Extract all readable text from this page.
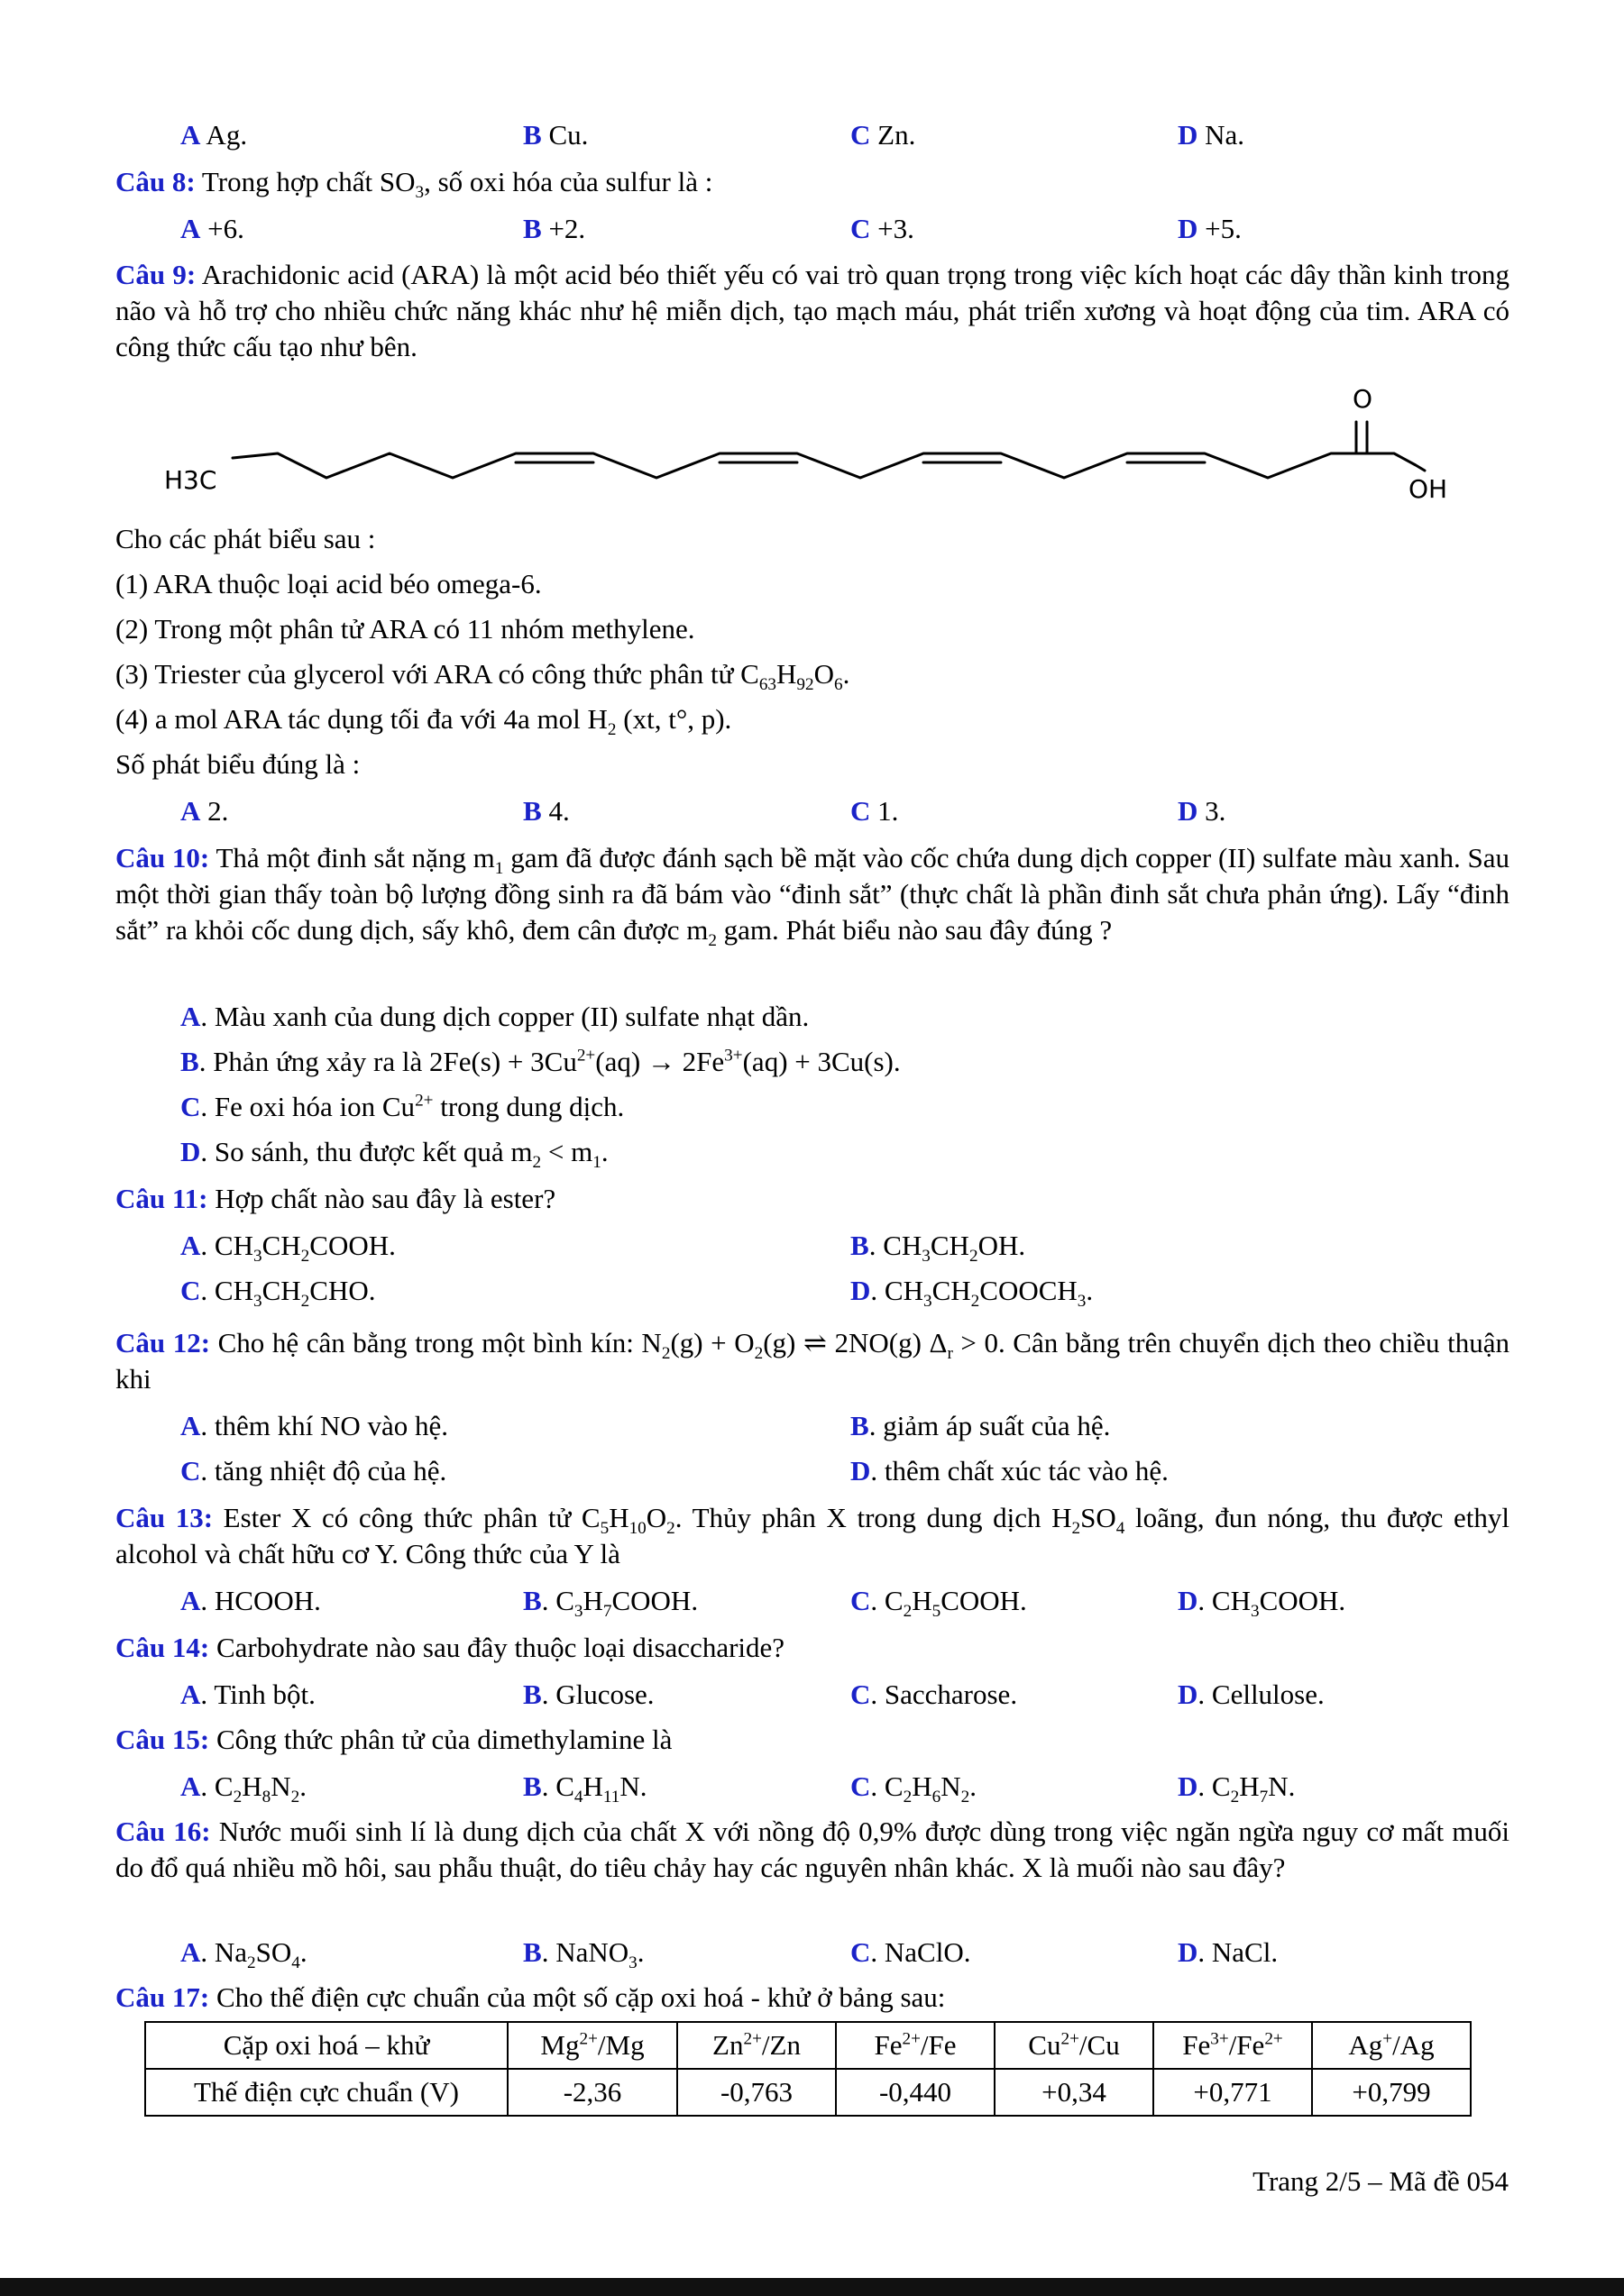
A Ag.	B Cu.	C Zn.	D Na.
Câu 8: Trong hợp chất $SO_3$, số oxi hóa của sulfur là :
A +6.	B +2.	C +3.	D +5.
Câu 9: Arachidonic acid (ARA) là một acid béo thiết yếu có vai trò quan trọng trong việc kích hoạt các dây thần kinh trong não và hỗ trợ cho nhiều chức năng khác như hệ miễn dịch, tạo mạch máu, phát triển xương và hoạt động của tim. ARA có công thức cấu tạo như bên.
H3C
O
OH
Cho các phát biểu sau :
(1) ARA thuộc loại acid béo omega-6.
(2) Trong một phân tử ARA có 11 nhóm methylene.
(3) Triester của glycerol với ARA có công thức phân tử $C_{63}H_{92}O_6$.
(4) a mol ARA tác dụng tối đa với 4a mol $H_2$ (xt, t°, p).
Số phát biểu đúng là :
A 2.	B 4.	C 1.	D 3.
Câu 10: Thả một đinh sắt nặng $m_1$ gam đã được đánh sạch bề mặt vào cốc chứa dung dịch copper (II) sulfate màu xanh. Sau một thời gian thấy toàn bộ lượng đồng sinh ra đã bám vào “đinh sắt” (thực chất là phần đinh sắt chưa phản ứng). Lấy “đinh sắt” ra khỏi cốc dung dịch, sấy khô, đem cân được $m_2$ gam. Phát biểu nào sau đây đúng ?
A. Màu xanh của dung dịch copper (II) sulfate nhạt dần.
B. Phản ứng xảy ra là $2Fe(s) + 3Cu^{2+}(aq) \to 2Fe^{3+}(aq) + 3Cu(s)$.
C. Fe oxi hóa ion $Cu^{2+}$ trong dung dịch.
D. So sánh, thu được kết quả $m_2 < m_1$.
Câu 11: Hợp chất nào sau đây là ester?
A. $CH_3CH_2COOH$.	B. $CH_3CH_2OH$.
C. $CH_3CH_2CHO$.	D. $CH_3CH_2COOCH_3$.
Câu 12: Cho hệ cân bằng trong một bình kín: $N_2(g) + O_2(g)$ ⇌ 2NO(g) $\Delta_r > 0$. Cân bằng trên chuyển dịch theo chiều thuận khi
A. thêm khí NO vào hệ.	B. giảm áp suất của hệ.
C. tăng nhiệt độ của hệ.	D. thêm chất xúc tác vào hệ.
Câu 13: Ester X có công thức phân tử $C_5H_{10}O_2$. Thủy phân X trong dung dịch $H_2SO_4$ loãng, đun nóng, thu được ethyl alcohol và chất hữu cơ Y. Công thức của Y là
A. HCOOH.	B. $C_3H_7COOH$.	C. $C_2H_5COOH$.	D. $CH_3COOH$.
Câu 14: Carbohydrate nào sau đây thuộc loại disaccharide?
A. Tinh bột.	B. Glucose.	C. Saccharose.	D. Cellulose.
Câu 15: Công thức phân tử của dimethylamine là
A. $C_2H_8N_2$.	B. $C_4H_{11}N$.	C. $C_2H_6N_2$.	D. $C_2H_7N$.
Câu 16: Nước muối sinh lí là dung dịch của chất X với nồng độ 0,9% được dùng trong việc ngăn ngừa nguy cơ mất muối do đổ quá nhiều mồ hôi, sau phẫu thuật, do tiêu chảy hay các nguyên nhân khác. X là muối nào sau đây?
A. $Na_2SO_4$.	B. NaNO$_3$.	C. NaClO.	D. NaCl.
Câu 17: Cho thế điện cực chuẩn của một số cặp oxi hoá - khử ở bảng sau:
Cặp oxi hoá – khử	$Mg^{2+}/Mg$	$Zn^{2+}/Zn$	$Fe^{2+}/Fe$	$Cu^{2+}/Cu$	$Fe^{3+}/Fe^{2+}$	Ag+/Ag
Thế điện cực chuẩn (V)	-2,36	-0,763	-0,440	+0,34	+0,771	+0,799
Trang 2/5 – Mã đề 054
